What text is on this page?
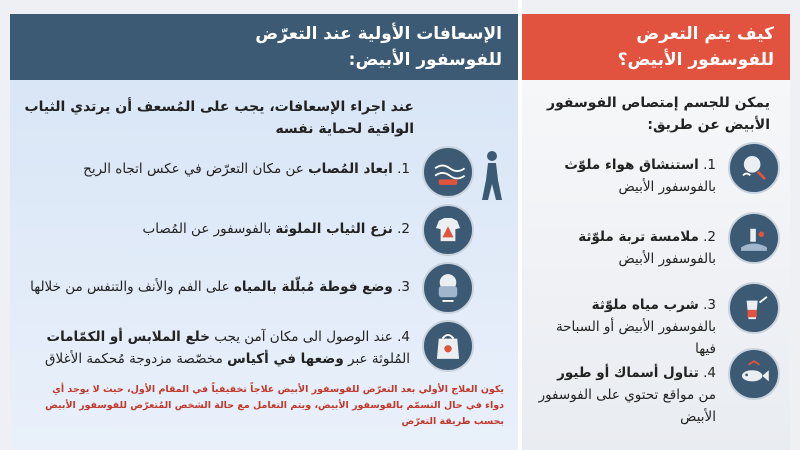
الإسعافات الأولية عند التعرّض
للفوسفور الأبيض:
كيف يتم التعرض
للفوسفور الأبيض؟
عند اجراء الإسعافات، يجب على المُسعف أن يرتدي الثياب الواقية لحماية نفسه
1. ابعاد المُصاب عن مكان التعرّض في عكس اتجاه الريح
2. نزع الثياب الملوثة بالفوسفور عن المُصاب
3. وضع فوطة مُبلّلة بالمياه على الفم والأنف والتنفس من خلالها
4. عند الوصول الى مكان آمن يجب خلع الملابس أو الكمّامات
المُلوثة عبر وضعها في أكياس مخصّصة مزدوجة مُحكمة الأغلاق
يكون العلاج الأولي بعد التعرّض للفوسفور الأبيض علاجاً تخفيفياً في المقام الأول، حيث لا يوجد أي دواء في حال التسمّم بالفوسفور الأبيض، ويتم التعامل مع حالة الشخص المُتعرّض للفوسفور الأبيض بحسب طريقة التعرّض
يمكن للجسم إمتصاص الفوسفور الأبيض عن طريق:
1. استنشاق هواء ملوّث بالفوسفور الأبيض
2. ملامسة تربة ملوّثة بالفوسفور الأبيض
3. شرب مياه ملوّثة بالفوسفور الأبيض أو السباحة فيها
4. تناول أسماك أو طيور من مواقع تحتوي على الفوسفور الأبيض
